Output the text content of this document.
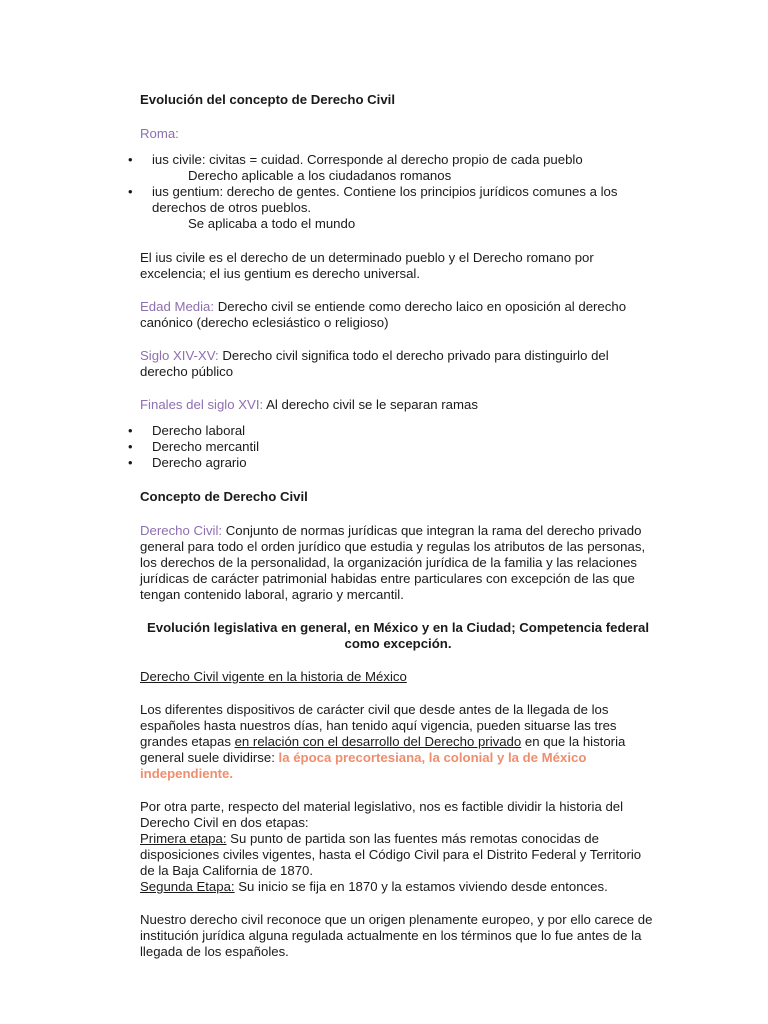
Evolución del concepto de Derecho Civil

Roma:

• ius civile: civitas = cuidad. Corresponde al derecho propio de cada pueblo

Derecho aplicable a los ciudadanos romanos

• ius gentium: derecho de gentes. Contiene los principios jurídicos comunes a los derechos de otros pueblos.

Se aplicaba a todo el mundo

El ius civile es el derecho de un determinado pueblo y el Derecho romano por excelencia; el ius gentium es derecho universal.

Edad Media: Derecho civil se entiende como derecho laico en oposición al derecho canónico (derecho eclesiástico o religioso)

Siglo XIV-XV: Derecho civil significa todo el derecho privado para distinguirlo del derecho público

Finales del siglo XVI: Al derecho civil se le separan ramas

• Derecho laboral
• Derecho mercantil
• Derecho agrario

Concepto de Derecho Civil

Derecho Civil: Conjunto de normas jurídicas que integran la rama del derecho privado general para todo el orden jurídico que estudia y regulas los atributos de las personas, los derechos de la personalidad, la organización jurídica de la familia y las relaciones jurídicas de carácter patrimonial habidas entre particulares con excepción de las que tengan contenido laboral, agrario y mercantil.

Evolución legislativa en general, en México y en la Ciudad; Competencia federal como excepción.

Derecho Civil vigente en la historia de México

Los diferentes dispositivos de carácter civil que desde antes de la llegada de los españoles hasta nuestros días, han tenido aquí vigencia, pueden situarse las tres grandes etapas en relación con el desarrollo del Derecho privado en que la historia general suele dividirse: la época precortesiana, la colonial y la de México independiente.

Por otra parte, respecto del material legislativo, nos es factible dividir la historia del Derecho Civil en dos etapas:

Primera etapa: Su punto de partida son las fuentes más remotas conocidas de disposiciones civiles vigentes, hasta el Código Civil para el Distrito Federal y Territorio de la Baja California de 1870.

Segunda Etapa: Su inicio se fija en 1870 y la estamos viviendo desde entonces.

Nuestro derecho civil reconoce que un origen plenamente europeo, y por ello carece de institución jurídica alguna regulada actualmente en los términos que lo fue antes de la llegada de los españoles.
